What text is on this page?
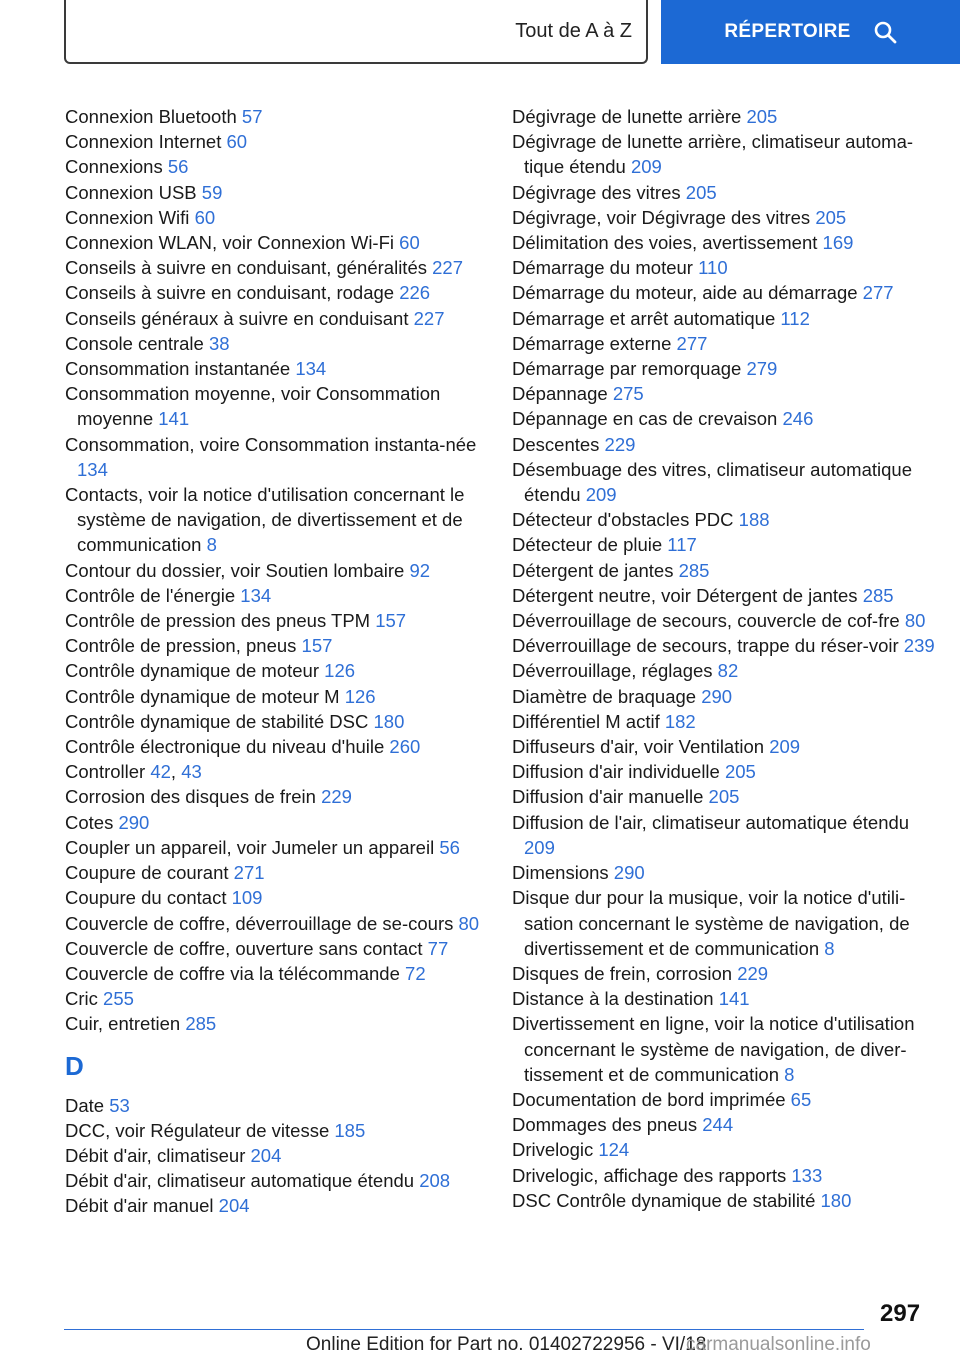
Tout de A à Z	RÉPERTOIRE
Connexion Bluetooth 57
Connexion Internet 60
Connexions 56
Connexion USB 59
Connexion Wifi 60
Connexion WLAN, voir Connexion Wi-Fi 60
Conseils à suivre en conduisant, généralités 227
Conseils à suivre en conduisant, rodage 226
Conseils généraux à suivre en conduisant 227
Console centrale 38
Consommation instantanée 134
Consommation moyenne, voir Consommation moyenne 141
Consommation, voire Consommation instanta-née 134
Contacts, voir la notice d'utilisation concernant le système de navigation, de divertissement et de communication 8
Contour du dossier, voir Soutien lombaire 92
Contrôle de l'énergie 134
Contrôle de pression des pneus TPM 157
Contrôle de pression, pneus 157
Contrôle dynamique de moteur 126
Contrôle dynamique de moteur M 126
Contrôle dynamique de stabilité DSC 180
Contrôle électronique du niveau d'huile 260
Controller 42, 43
Corrosion des disques de frein 229
Cotes 290
Coupler un appareil, voir Jumeler un appareil 56
Coupure de courant 271
Coupure du contact 109
Couvercle de coffre, déverrouillage de se-cours 80
Couvercle de coffre, ouverture sans contact 77
Couvercle de coffre via la télécommande 72
Cric 255
Cuir, entretien 285
D
Date 53
DCC, voir Régulateur de vitesse 185
Débit d'air, climatiseur 204
Débit d'air, climatiseur automatique étendu 208
Débit d'air manuel 204
Dégivrage de lunette arrière 205
Dégivrage de lunette arrière, climatiseur automa-tique étendu 209
Dégivrage des vitres 205
Dégivrage, voir Dégivrage des vitres 205
Délimitation des voies, avertissement 169
Démarrage du moteur 110
Démarrage du moteur, aide au démarrage 277
Démarrage et arrêt automatique 112
Démarrage externe 277
Démarrage par remorquage 279
Dépannage 275
Dépannage en cas de crevaison 246
Descentes 229
Désembuage des vitres, climatiseur automatique étendu 209
Détecteur d'obstacles PDC 188
Détecteur de pluie 117
Détergent de jantes 285
Détergent neutre, voir Détergent de jantes 285
Déverrouillage de secours, couvercle de cof-fre 80
Déverrouillage de secours, trappe du réser-voir 239
Déverrouillage, réglages 82
Diamètre de braquage 290
Différentiel M actif 182
Diffuseurs d'air, voir Ventilation 209
Diffusion d'air individuelle 205
Diffusion d'air manuelle 205
Diffusion de l'air, climatiseur automatique étendu 209
Dimensions 290
Disque dur pour la musique, voir la notice d'utili-sation concernant le système de navigation, de divertissement et de communication 8
Disques de frein, corrosion 229
Distance à la destination 141
Divertissement en ligne, voir la notice d'utilisation concernant le système de navigation, de diver-tissement et de communication 8
Documentation de bord imprimée 65
Dommages des pneus 244
Drivelogic 124
Drivelogic, affichage des rapports 133
DSC Contrôle dynamique de stabilité 180
297
Online Edition for Part no. 01402722956 - VI/18
carmanualsonline.info
